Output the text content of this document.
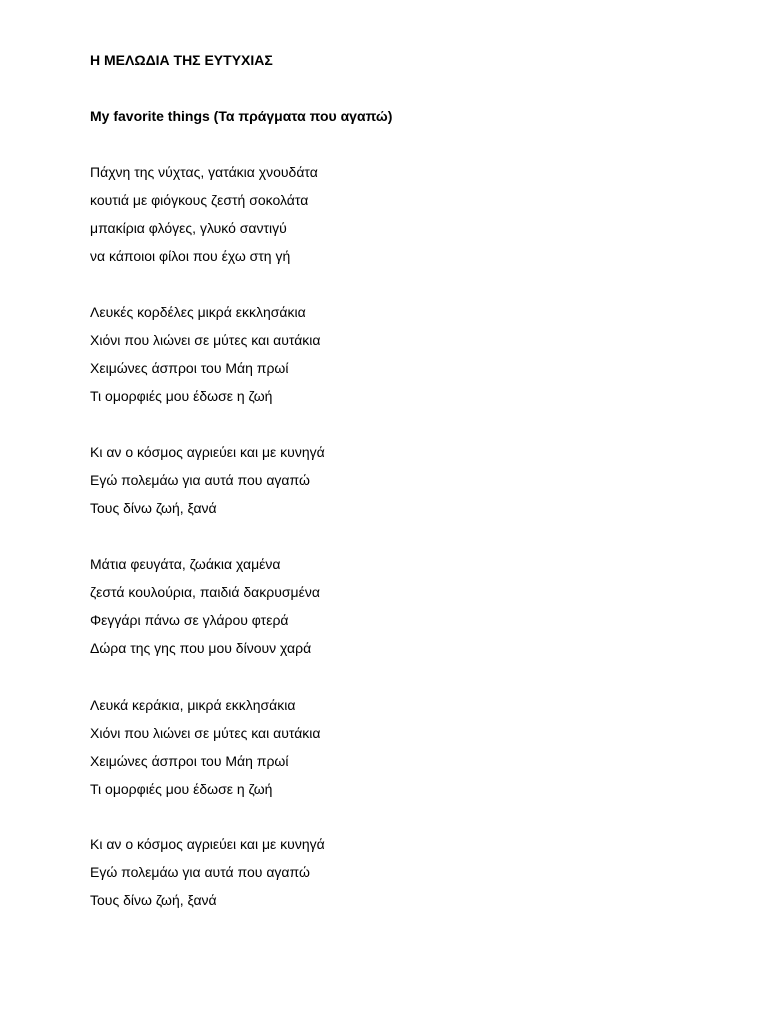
Η ΜΕΛΩΔΙΑ ΤΗΣ ΕΥΤΥΧΙΑΣ
My favorite things (Τα πράγματα που αγαπώ)
Πάχνη της νύχτας, γατάκια χνουδάτα
κουτιά με φιόγκους ζεστή σοκολάτα
μπακίρια φλόγες, γλυκό σαντιγύ
να κάποιοι φίλοι που έχω στη γή
Λευκές κορδέλες μικρά εκκλησάκια
Χιόνι που λιώνει σε μύτες και αυτάκια
Χειμώνες άσπροι του Μάη πρωί
Τι ομορφιές μου έδωσε η ζωή
Κι αν ο κόσμος αγριεύει και με κυνηγά
Εγώ πολεμάω για αυτά που αγαπώ
Τους δίνω ζωή, ξανά
Μάτια φευγάτα, ζωάκια χαμένα
ζεστά κουλούρια, παιδιά δακρυσμένα
Φεγγάρι πάνω σε γλάρου φτερά
Δώρα της γης που μου δίνουν χαρά
Λευκά κεράκια, μικρά εκκλησάκια
Χιόνι που λιώνει σε μύτες και αυτάκια
Χειμώνες άσπροι του Μάη πρωί
Τι ομορφιές μου έδωσε η ζωή
Κι αν ο κόσμος αγριεύει και με κυνηγά
Εγώ πολεμάω για αυτά που αγαπώ
Τους δίνω ζωή, ξανά
